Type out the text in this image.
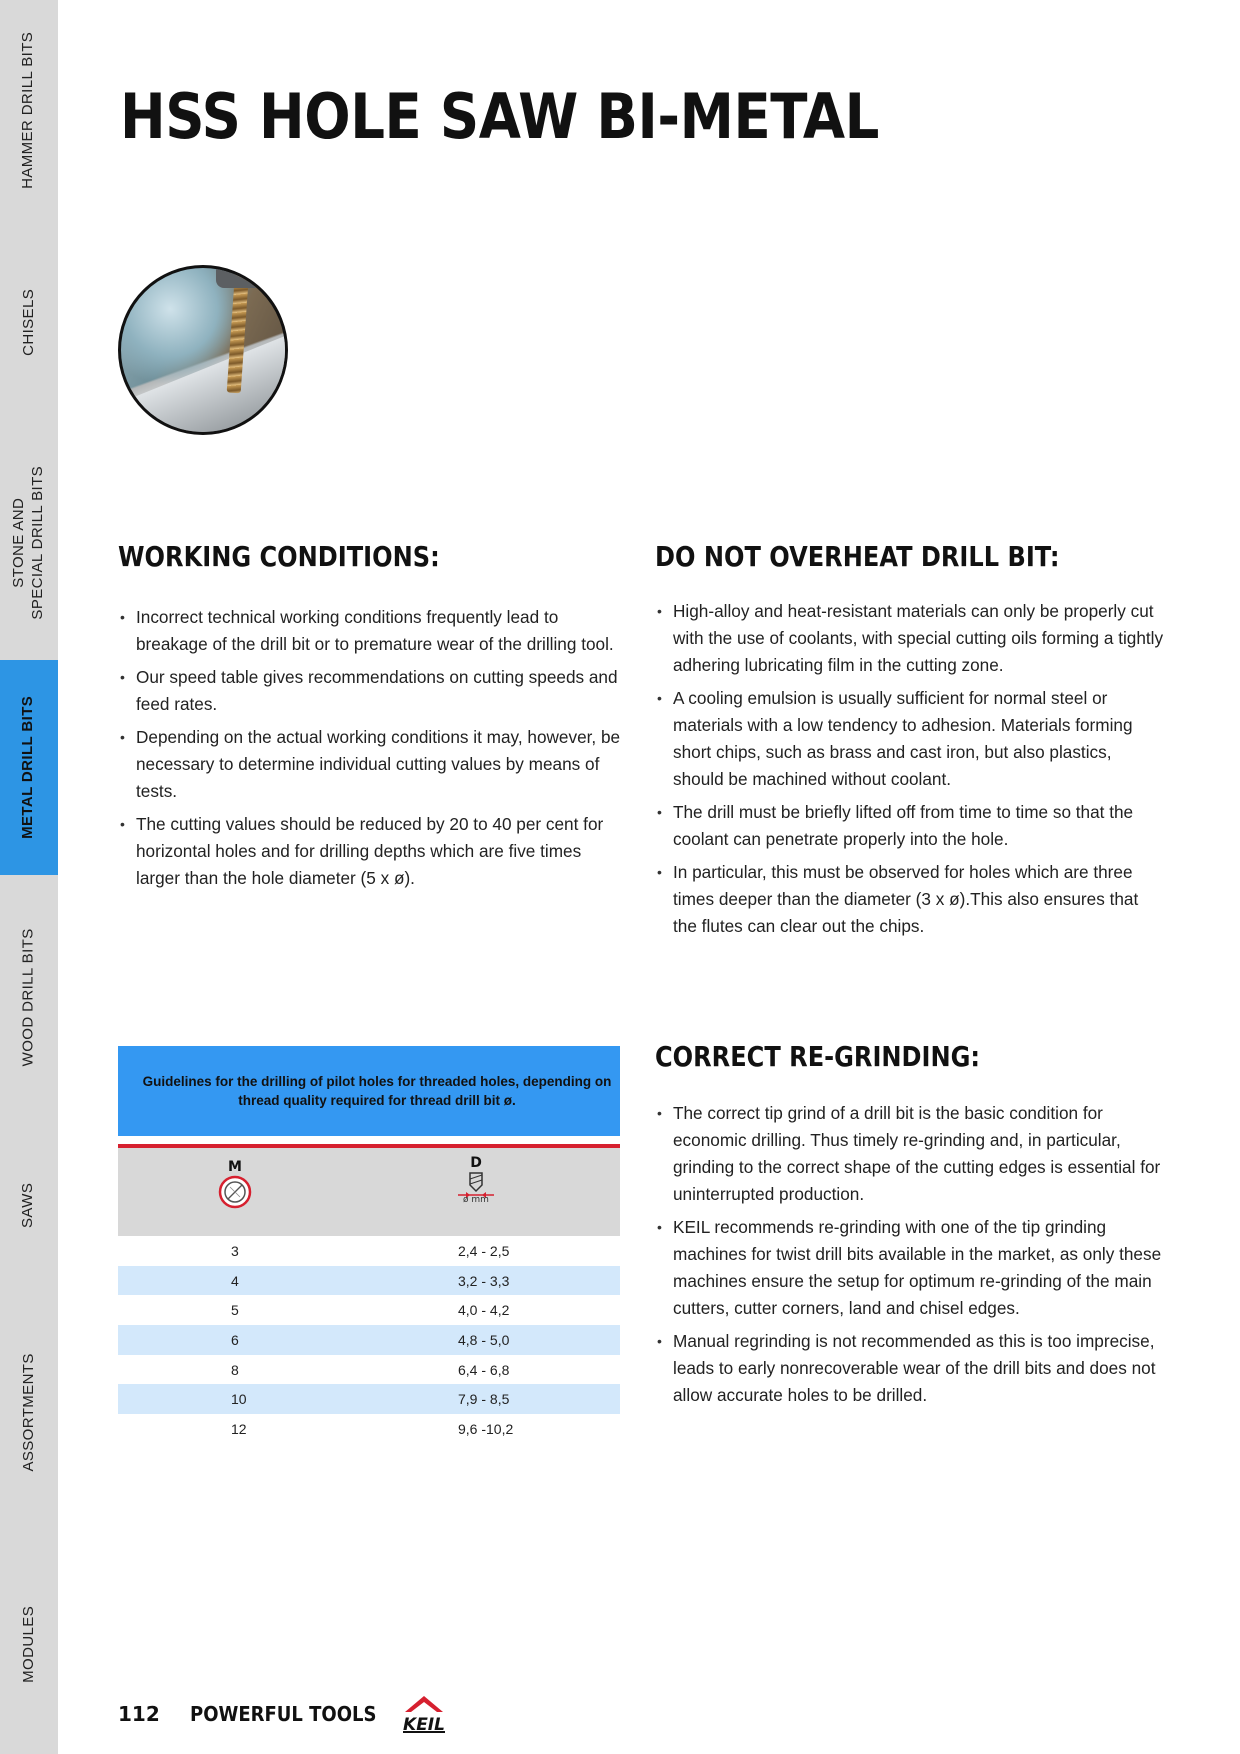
HAMMER DRILL BITS
CHISELS
STONE AND SPECIAL DRILL BITS
METAL DRILL BITS
WOOD DRILL BITS
SAWS
ASSORTMENTS
MODULES
HSS HOLE SAW BI-METAL
WORKING CONDITIONS:
• Incorrect technical working conditions frequently lead to breakage of the drill bit or to premature wear of the drilling tool.
• Our speed table gives recommendations on cutting speeds and feed rates.
• Depending on the actual working conditions it may, however, be necessary to determine individual cutting values by means of tests.
• The cutting values should be reduced by 20 to 40 per cent for horizontal holes and for drilling depths which are five times larger than the hole diameter (5 x ø).
DO NOT OVERHEAT DRILL BIT:
• High-alloy and heat-resistant materials can only be properly cut with the use of coolants, with special cutting oils forming a tightly adhering lubricating film in the cutting zone.
• A cooling emulsion is usually sufficient for normal steel or materials with a low tendency to adhesion. Materials forming short chips, such as brass and cast iron, but also plastics, should be machined without coolant.
• The drill must be briefly lifted off from time to time so that the coolant can penetrate properly into the hole.
• In particular, this must be observed for holes which are three times deeper than the diameter (3 x ø).This also ensures that the flutes can clear out the chips.
CORRECT RE-GRINDING:
• The correct tip grind of a drill bit is the basic condition for economic drilling. Thus timely re-grinding and, in particular, grinding to the correct shape of the cutting edges is essential for uninterrupted production.
• KEIL recommends re-grinding with one of the tip grinding machines for twist drill bits available in the market, as only these machines ensure the setup for optimum re-grinding of the main cutters, cutter corners, land and chisel edges.
• Manual regrinding is not recommended as this is too imprecise, leads to early nonrecoverable wear of the drill bits and does not allow accurate holes to be drilled.

Guidelines for the drilling of pilot holes for threaded holes, depending on thread quality required for thread drill bit ø.

M	D
ø mm
3	2,4 - 2,5
4	3,2 - 3,3
5	4,0 - 4,2
6	4,8 - 5,0
8	6,4 - 6,8
10	7,9 - 8,5
12	9,6 -10,2
112 POWERFUL TOOLS KEIL
